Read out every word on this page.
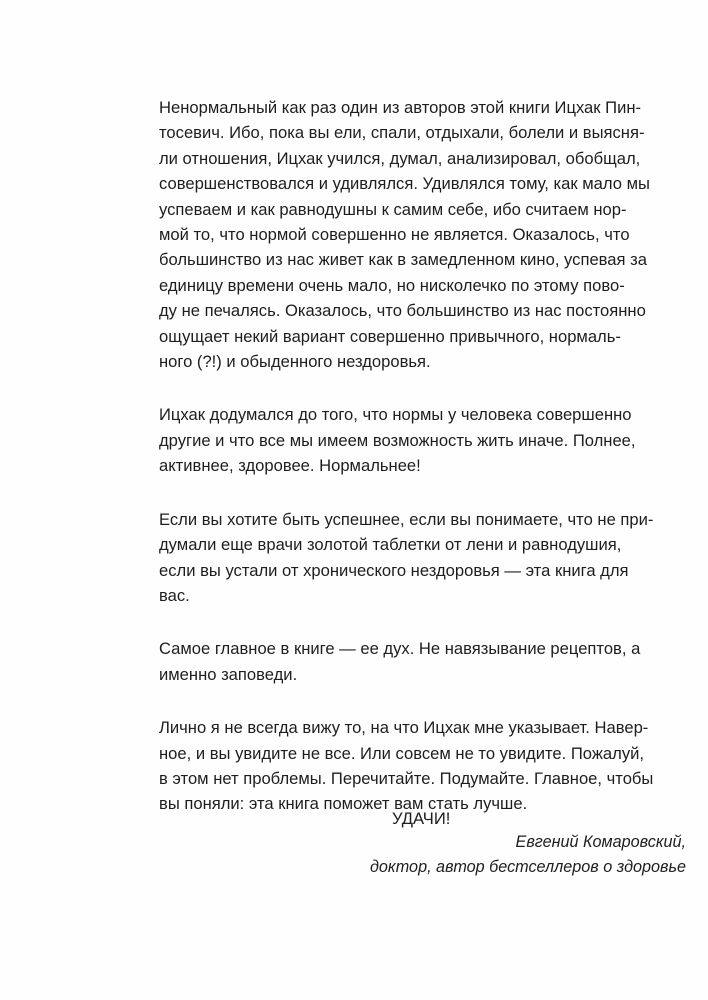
Ненормальный как раз один из авторов этой книги Ицхак Пин-
тосевич. Ибо, пока вы ели, спали, отдыхали, болели и выясня-
ли отношения, Ицхак учился, думал, анализировал, обобщал,
совершенствовался и удивлялся. Удивлялся тому, как мало мы
успеваем и как равнодушны к самим себе, ибо считаем нор-
мой то, что нормой совершенно не является. Оказалось, что
большинство из нас живет как в замедленном кино, успевая за
единицу времени очень мало, но нисколечко по этому пово-
ду не печалясь. Оказалось, что большинство из нас постоянно
ощущает некий вариант совершенно привычного, нормаль-
ного (?!) и обыденного нездоровья.

Ицхак додумался до того, что нормы у человека совершенно
другие и что все мы имеем возможность жить иначе. Полнее,
активнее, здоровее. Нормальнее!

Если вы хотите быть успешнее, если вы понимаете, что не при-
думали еще врачи золотой таблетки от лени и равнодушия,
если вы устали от хронического нездоровья — эта книга для
вас.

Самое главное в книге — ее дух. Не навязывание рецептов, а
именно заповеди.

Лично я не всегда вижу то, на что Ицхак мне указывает. Навер-
ное, и вы увидите не все. Или совсем не то увидите. Пожалуй,
в этом нет проблемы. Перечитайте. Подумайте. Главное, чтобы
вы поняли: эта книга поможет вам стать лучше.

УДАЧИ!
Евгений Комаровский,
доктор, автор бестселлеров о здоровье
